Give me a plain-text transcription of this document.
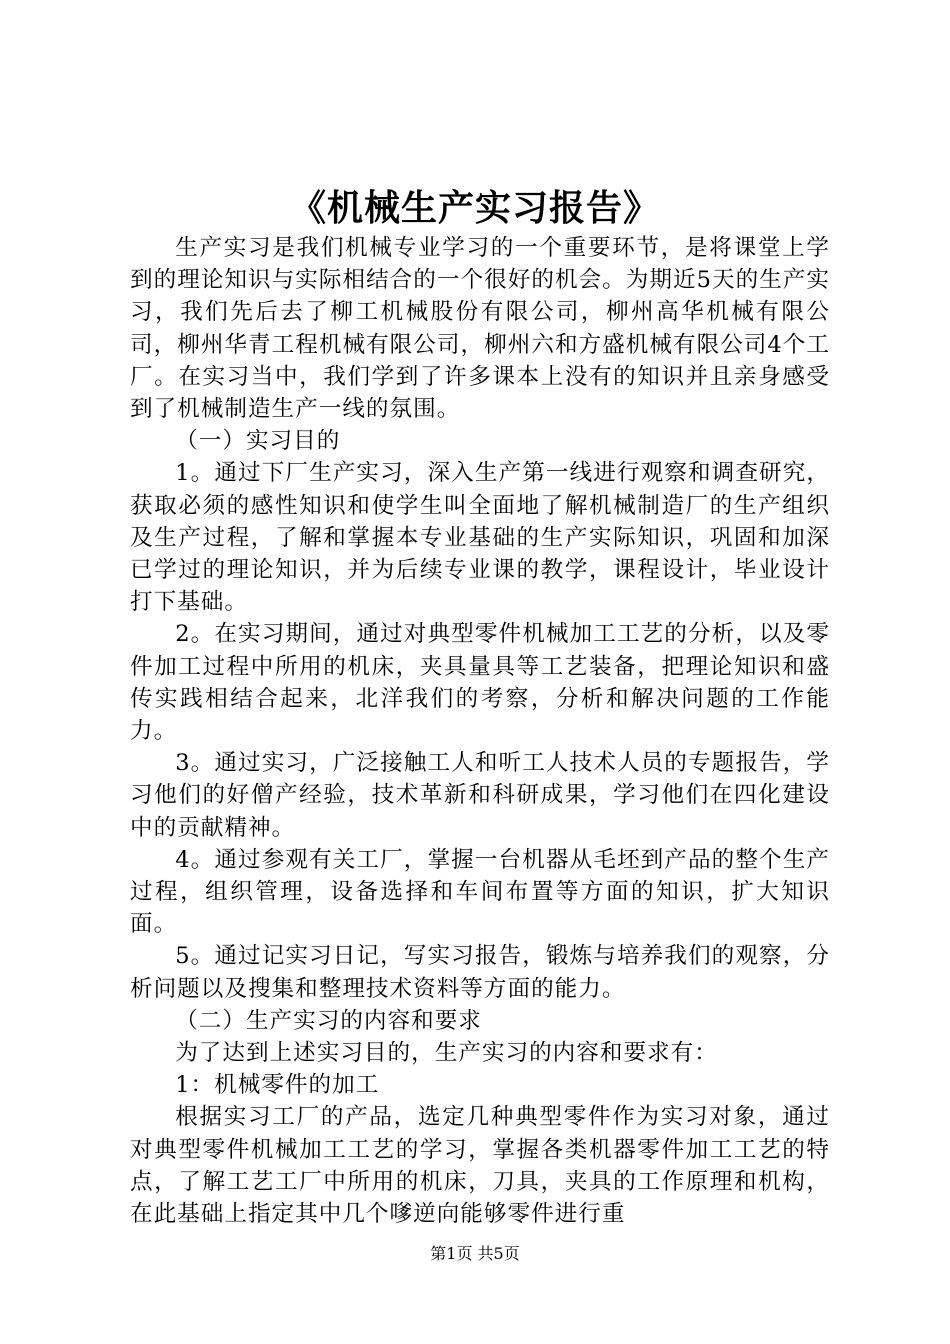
《机械生产实习报告》

生产实习是我们机械专业学习的一个重要环节，是将课堂上学到的理论知识与实际相结合的一个很好的机会。为期近5天的生产实习，我们先后去了柳工机械股份有限公司，柳州高华机械有限公司，柳州华青工程机械有限公司，柳州六和方盛机械有限公司4个工厂。在实习当中，我们学到了许多课本上没有的知识并且亲身感受到了机械制造生产一线的氛围。

（一）实习目的

1。通过下厂生产实习，深入生产第一线进行观察和调查研究，获取必须的感性知识和使学生叫全面地了解机械制造厂的生产组织及生产过程，了解和掌握本专业基础的生产实际知识，巩固和加深已学过的理论知识，并为后续专业课的教学，课程设计，毕业设计打下基础。

2。在实习期间，通过对典型零件机械加工工艺的分析，以及零件加工过程中所用的机床，夹具量具等工艺装备，把理论知识和盛传实践相结合起来，北洋我们的考察，分析和解决问题的工作能力。

3。通过实习，广泛接触工人和听工人技术人员的专题报告，学习他们的好僧产经验，技术革新和科研成果，学习他们在四化建设中的贡献精神。

4。通过参观有关工厂，掌握一台机器从毛坯到产品的整个生产过程，组织管理，设备选择和车间布置等方面的知识，扩大知识面。

5。通过记实习日记，写实习报告，锻炼与培养我们的观察，分析问题以及搜集和整理技术资料等方面的能力。

（二）生产实习的内容和要求

为了达到上述实习目的，生产实习的内容和要求有：

1：机械零件的加工

根据实习工厂的产品，选定几种典型零件作为实习对象，通过对典型零件机械加工工艺的学习，掌握各类机器零件加工工艺的特点，了解工艺工厂中所用的机床，刀具，夹具的工作原理和机构，在此基础上指定其中几个嗲逆向能够零件进行重

第1页 共5页
